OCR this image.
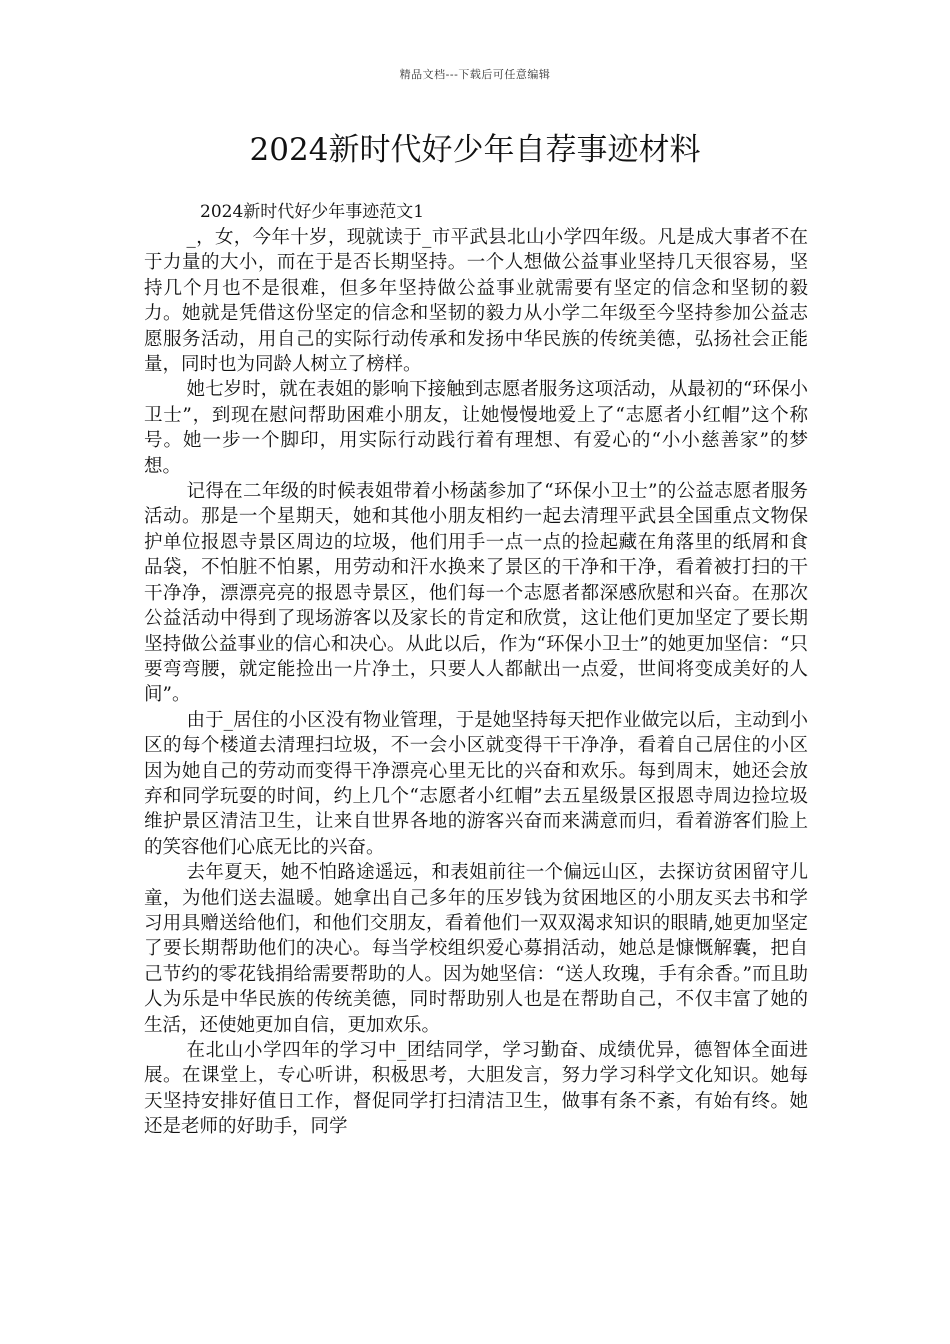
精品文档---下载后可任意编辑
2024新时代好少年自荐事迹材料

2024新时代好少年事迹范文1

_，女，今年十岁，现就读于_市平武县北山小学四年级。凡是成大事者不在于力量的大小，而在于是否长期坚持。一个人想做公益事业坚持几天很容易，坚持几个月也不是很难，但多年坚持做公益事业就需要有坚定的信念和坚韧的毅力。她就是凭借这份坚定的信念和坚韧的毅力从小学二年级至今坚持参加公益志愿服务活动，用自己的实际行动传承和发扬中华民族的传统美德，弘扬社会正能量，同时也为同龄人树立了榜样。

她七岁时，就在表姐的影响下接触到志愿者服务这项活动，从最初的“环保小卫士”，到现在慰问帮助困难小朋友，让她慢慢地爱上了“志愿者小红帽”这个称号。她一步一个脚印，用实际行动践行着有理想、有爱心的“小小慈善家”的梦想。

记得在二年级的时候表姐带着小杨菡参加了“环保小卫士”的公益志愿者服务活动。那是一个星期天，她和其他小朋友相约一起去清理平武县全国重点文物保护单位报恩寺景区周边的垃圾，他们用手一点一点的捡起藏在角落里的纸屑和食品袋，不怕脏不怕累，用劳动和汗水换来了景区的干净和干净，看着被打扫的干干净净，漂漂亮亮的报恩寺景区，他们每一个志愿者都深感欣慰和兴奋。在那次公益活动中得到了现场游客以及家长的肯定和欣赏，这让他们更加坚定了要长期坚持做公益事业的信心和决心。从此以后，作为“环保小卫士”的她更加坚信：“只要弯弯腰，就定能捡出一片净土，只要人人都献出一点爱，世间将变成美好的人间”。

由于_居住的小区没有物业管理，于是她坚持每天把作业做完以后，主动到小区的每个楼道去清理扫垃圾，不一会小区就变得干干净净，看着自己居住的小区因为她自己的劳动而变得干净漂亮心里无比的兴奋和欢乐。每到周末，她还会放弃和同学玩耍的时间，约上几个“志愿者小红帽”去五星级景区报恩寺周边捡垃圾维护景区清洁卫生，让来自世界各地的游客兴奋而来满意而归，看着游客们脸上的笑容他们心底无比的兴奋。

去年夏天，她不怕路途遥远，和表姐前往一个偏远山区，去探访贫困留守儿童，为他们送去温暖。她拿出自己多年的压岁钱为贫困地区的小朋友买去书和学习用具赠送给他们，和他们交朋友，看着他们一双双渴求知识的眼睛,她更加坚定了要长期帮助他们的决心。每当学校组织爱心募捐活动，她总是慷慨解囊，把自己节约的零花钱捐给需要帮助的人。因为她坚信：“送人玫瑰，手有余香。”而且助人为乐是中华民族的传统美德，同时帮助别人也是在帮助自己，不仅丰富了她的生活，还使她更加自信，更加欢乐。

在北山小学四年的学习中_团结同学，学习勤奋、成绩优异，德智体全面进展。在课堂上，专心听讲，积极思考，大胆发言，努力学习科学文化知识。她每天坚持安排好值日工作，督促同学打扫清洁卫生，做事有条不紊，有始有终。她还是老师的好助手，同学
